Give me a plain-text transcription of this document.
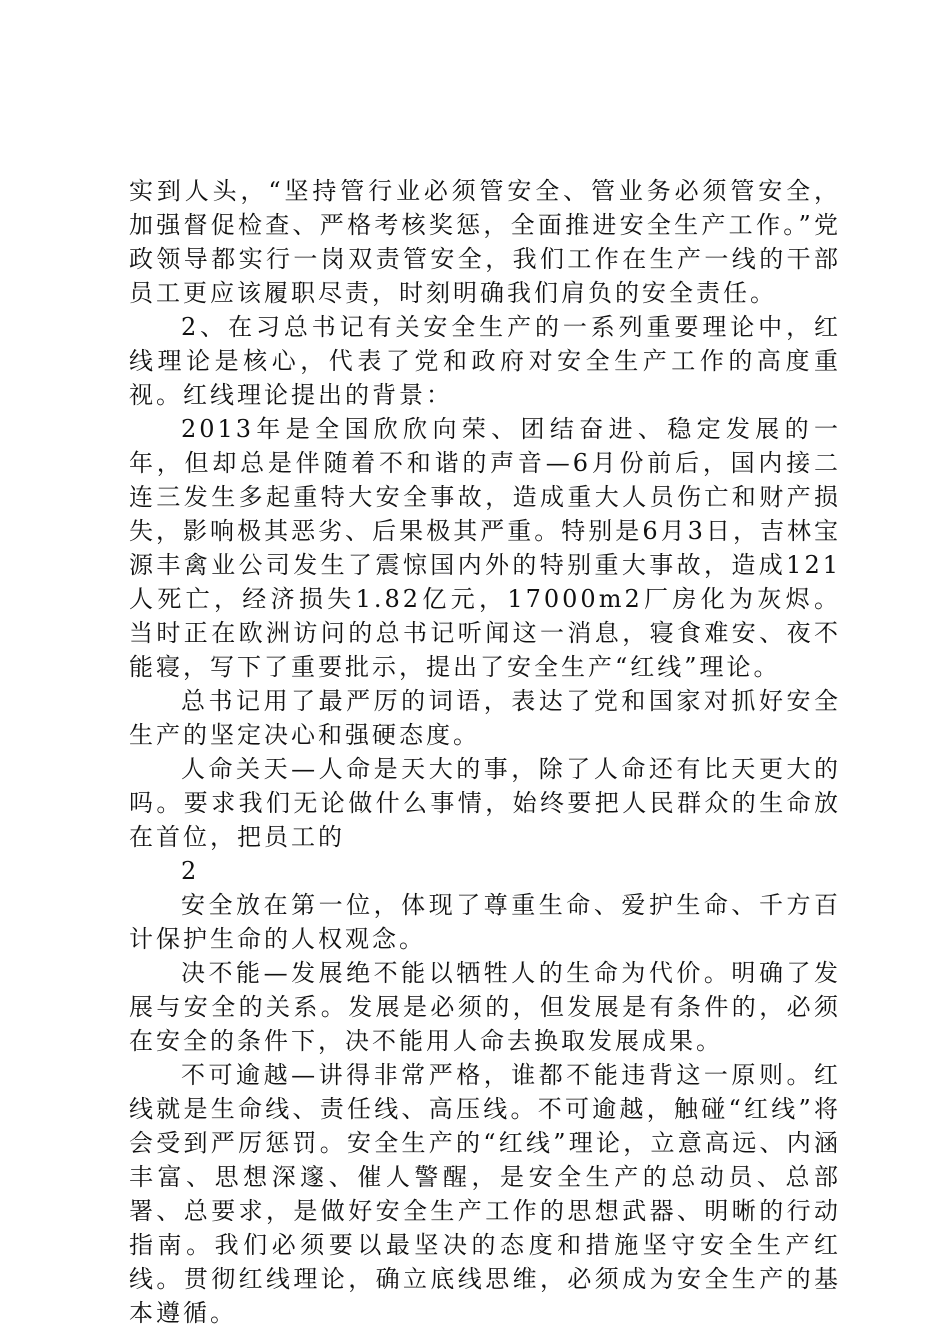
实到人头，“坚持管行业必须管安全、管业务必须管安全，加强督促检查、严格考核奖惩，全面推进安全生产工作。”党政领导都实行一岗双责管安全，我们工作在生产一线的干部员工更应该履职尽责，时刻明确我们肩负的安全责任。

2、在习总书记有关安全生产的一系列重要理论中，红线理论是核心，代表了党和政府对安全生产工作的高度重视。红线理论提出的背景：

2013年是全国欣欣向荣、团结奋进、稳定发展的一年，但却总是伴随着不和谐的声音—6月份前后，国内接二连三发生多起重特大安全事故，造成重大人员伤亡和财产损失，影响极其恶劣、后果极其严重。特别是6月3日，吉林宝源丰禽业公司发生了震惊国内外的特别重大事故，造成121人死亡，经济损失1.82亿元，17000m2厂房化为灰烬。当时正在欧洲访问的总书记听闻这一消息，寝食难安、夜不能寝，写下了重要批示，提出了安全生产“红线”理论。

总书记用了最严厉的词语，表达了党和国家对抓好安全生产的坚定决心和强硬态度。

人命关天—人命是天大的事，除了人命还有比天更大的吗。要求我们无论做什么事情，始终要把人民群众的生命放在首位，把员工的

2

安全放在第一位，体现了尊重生命、爱护生命、千方百计保护生命的人权观念。

决不能—发展绝不能以牺牲人的生命为代价。明确了发展与安全的关系。发展是必须的，但发展是有条件的，必须在安全的条件下，决不能用人命去换取发展成果。

不可逾越—讲得非常严格，谁都不能违背这一原则。红线就是生命线、责任线、高压线。不可逾越，触碰“红线”将会受到严厉惩罚。安全生产的“红线”理论，立意高远、内涵丰富、思想深邃、催人警醒，是安全生产的总动员、总部署、总要求，是做好安全生产工作的思想武器、明晰的行动指南。我们必须要以最坚决的态度和措施坚守安全生产红线。贯彻红线理论，确立底线思维，必须成为安全生产的基本遵循。
